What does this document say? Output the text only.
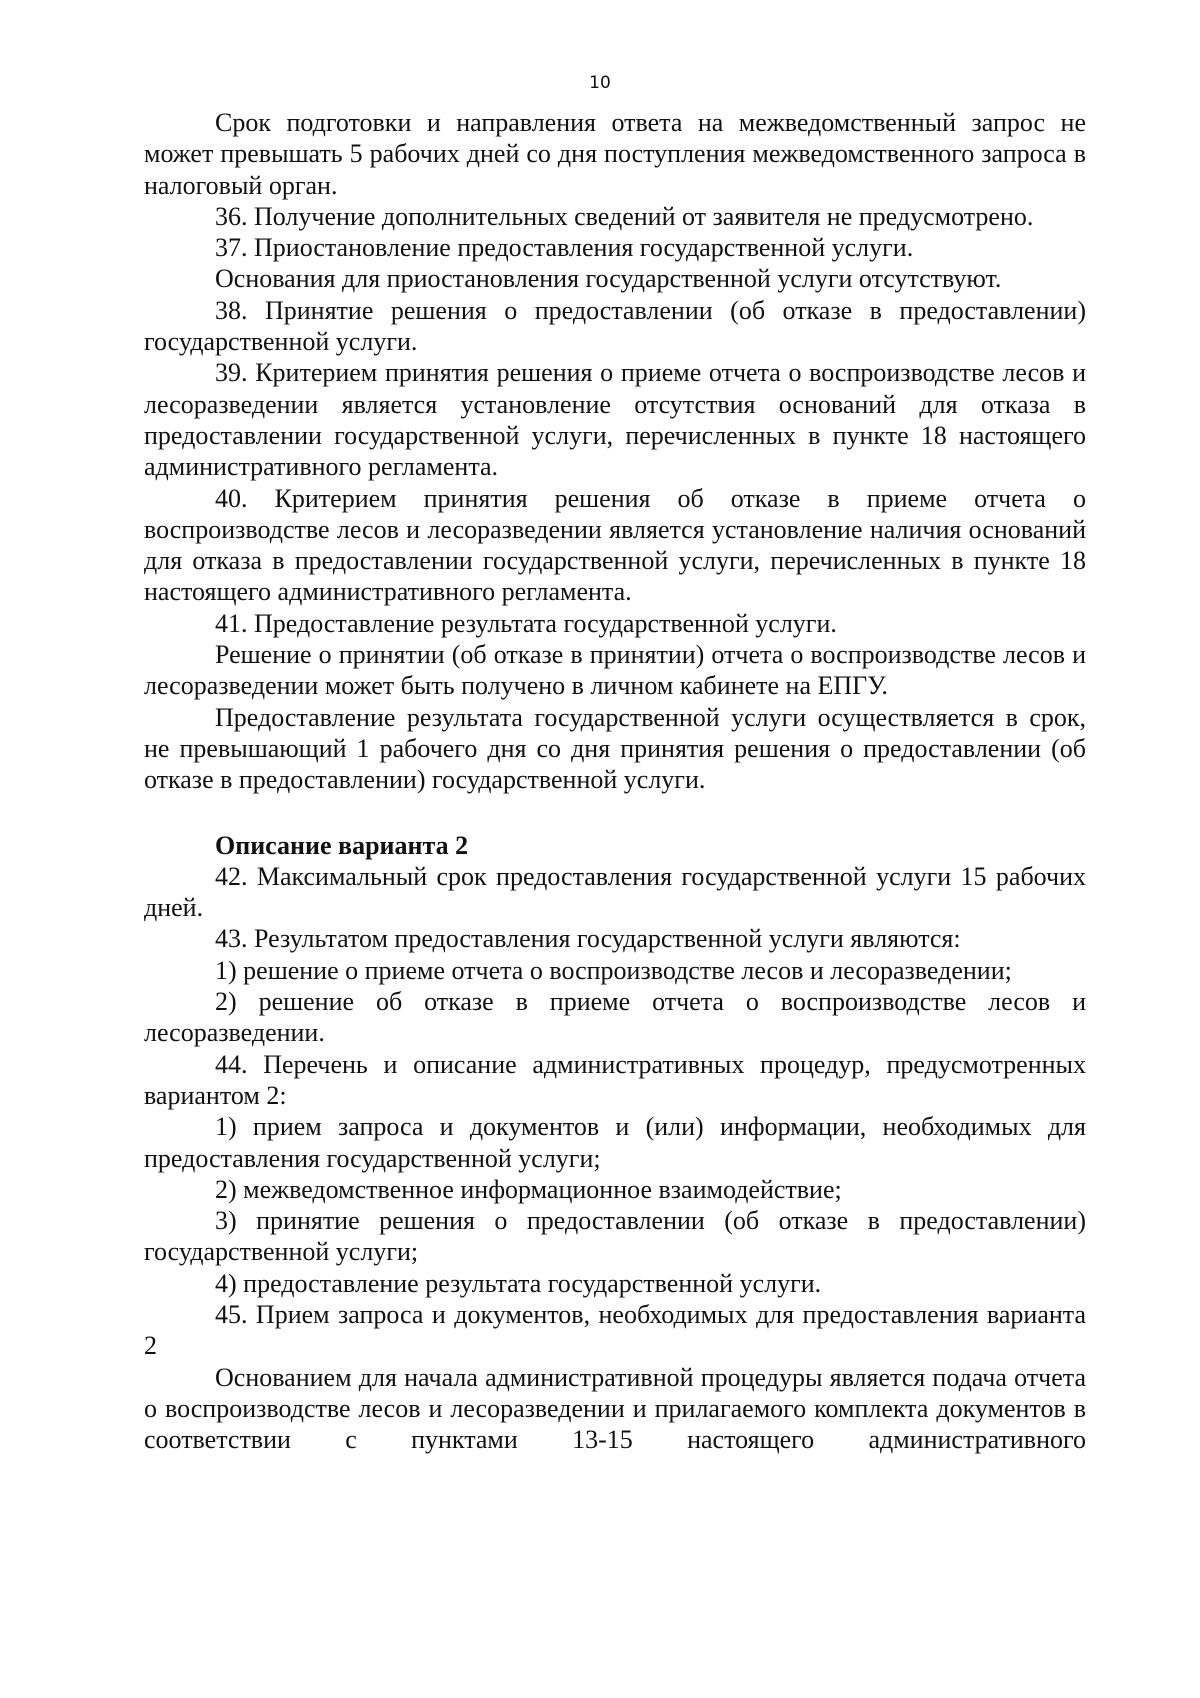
10

Срок подготовки и направления ответа на межведомственный запрос не может превышать 5 рабочих дней со дня поступления межведомственного запроса в налоговый орган.

36. Получение дополнительных сведений от заявителя не предусмотрено.

37. Приостановление предоставления государственной услуги.

Основания для приостановления государственной услуги отсутствуют.

38. Принятие решения о предоставлении (об отказе в предоставлении) государственной услуги.

39. Критерием принятия решения о приеме отчета о воспроизводстве лесов и лесоразведении является установление отсутствия оснований для отказа в предоставлении государственной услуги, перечисленных в пункте 18 настоящего административного регламента.

40. Критерием принятия решения об отказе в приеме отчета о воспроизводстве лесов и лесоразведении является установление наличия оснований для отказа в предоставлении государственной услуги, перечисленных в пункте 18 настоящего административного регламента.

41. Предоставление результата государственной услуги.

Решение о принятии (об отказе в принятии) отчета о воспроизводстве лесов и лесоразведении может быть получено в личном кабинете на ЕПГУ.

Предоставление результата государственной услуги осуществляется в срок, не превышающий 1 рабочего дня со дня принятия решения о предоставлении (об отказе в предоставлении) государственной услуги.

Описание варианта 2

42. Максимальный срок предоставления государственной услуги 15 рабочих дней.

43. Результатом предоставления государственной услуги являются:

1) решение о приеме отчета о воспроизводстве лесов и лесоразведении;

2) решение об отказе в приеме отчета о воспроизводстве лесов и лесоразведении.

44. Перечень и описание административных процедур, предусмотренных вариантом 2:

1) прием запроса и документов и (или) информации, необходимых для предоставления государственной услуги;

2) межведомственное информационное взаимодействие;

3) принятие решения о предоставлении (об отказе в предоставлении) государственной услуги;

4) предоставление результата государственной услуги.

45. Прием запроса и документов, необходимых для предоставления варианта 2

Основанием для начала административной процедуры является подача отчета о воспроизводстве лесов и лесоразведении и прилагаемого комплекта документов в соответствии с пунктами 13-15 настоящего административного
